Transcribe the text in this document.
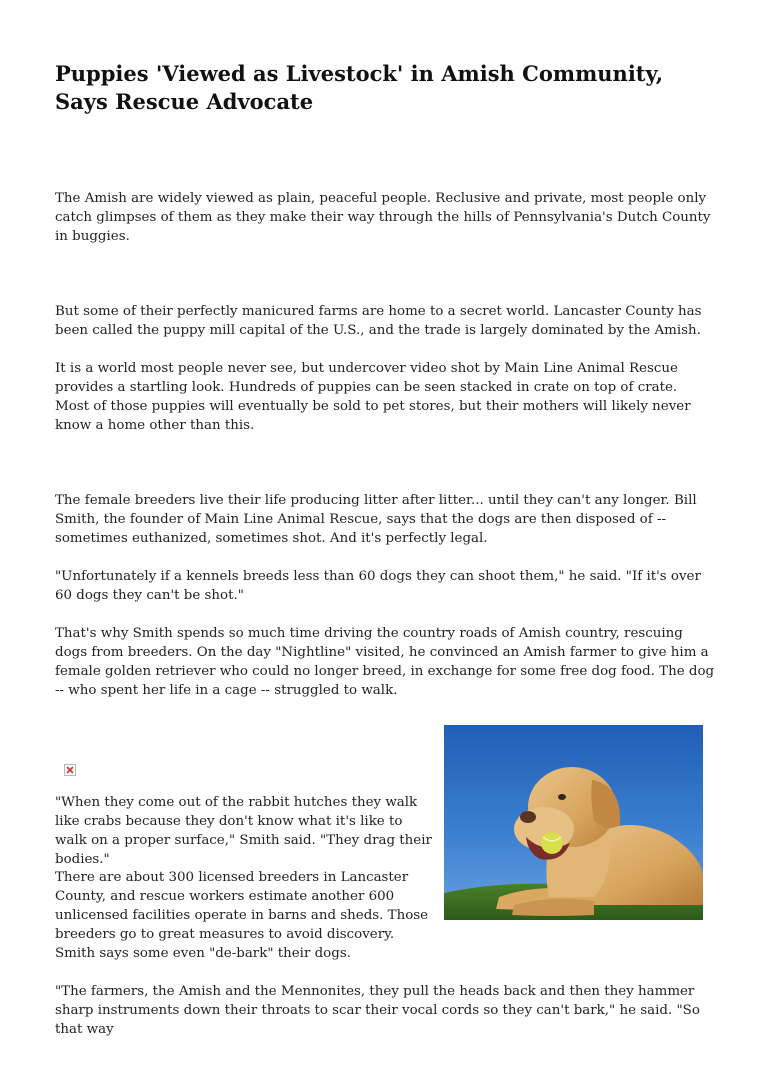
Puppies 'Viewed as Livestock' in Amish Community, Says Rescue Advocate

The Amish are widely viewed as plain, peaceful people. Reclusive and private, most people only catch glimpses of them as they make their way through the hills of Pennsylvania's Dutch County in buggies.

But some of their perfectly manicured farms are home to a secret world. Lancaster County has been called the puppy mill capital of the U.S., and the trade is largely dominated by the Amish.

It is a world most people never see, but undercover video shot by Main Line Animal Rescue provides a startling look. Hundreds of puppies can be seen stacked in crate on top of crate. Most of those puppies will eventually be sold to pet stores, but their mothers will likely never know a home other than this.

The female breeders live their life producing litter after litter... until they can't any longer. Bill Smith, the founder of Main Line Animal Rescue, says that the dogs are then disposed of -- sometimes euthanized, sometimes shot. And it's perfectly legal.

"Unfortunately if a kennels breeds less than 60 dogs they can shoot them," he said. "If it's over 60 dogs they can't be shot."

That's why Smith spends so much time driving the country roads of Amish country, rescuing dogs from breeders. On the day "Nightline" visited, he convinced an Amish farmer to give him a female golden retriever who could no longer breed, in exchange for some free dog food. The dog -- who spent her life in a cage -- struggled to walk.

"When they come out of the rabbit hutches they walk like crabs because they don't know what it's like to walk on a proper surface," Smith said. "They drag their bodies."

There are about 300 licensed breeders in Lancaster County, and rescue workers estimate another 600 unlicensed facilities operate in barns and sheds. Those breeders go to great measures to avoid discovery. Smith says some even "de-bark" their dogs.

"The farmers, the Amish and the Mennonites, they pull the heads back and then they hammer sharp instruments down their throats to scar their vocal cords so they can't bark," he said. "So that way
